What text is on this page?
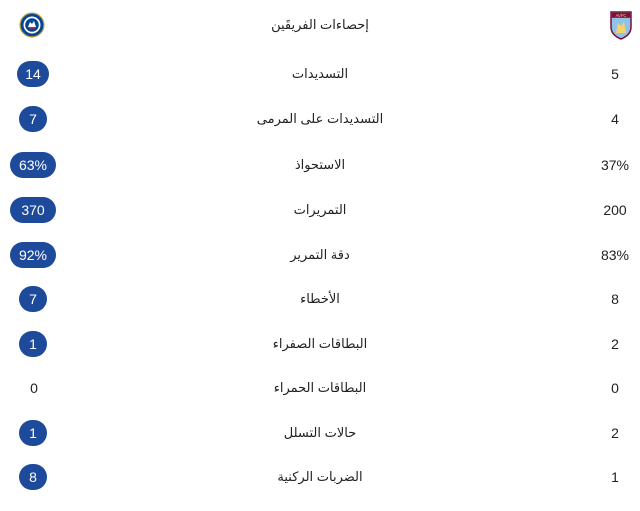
إحصاءات الفريقَين
AVFC
14	التسديدات	5
7	التسديدات على المرمى	4
63%	الاستحواذ	37%
370	التمريرات	200
92%	دقة التمرير	83%
7	الأخطاء	8
1	البطاقات الصفراء	2
0	البطاقات الحمراء	0
1	حالات التسلل	2
8	الضربات الركنية	1
